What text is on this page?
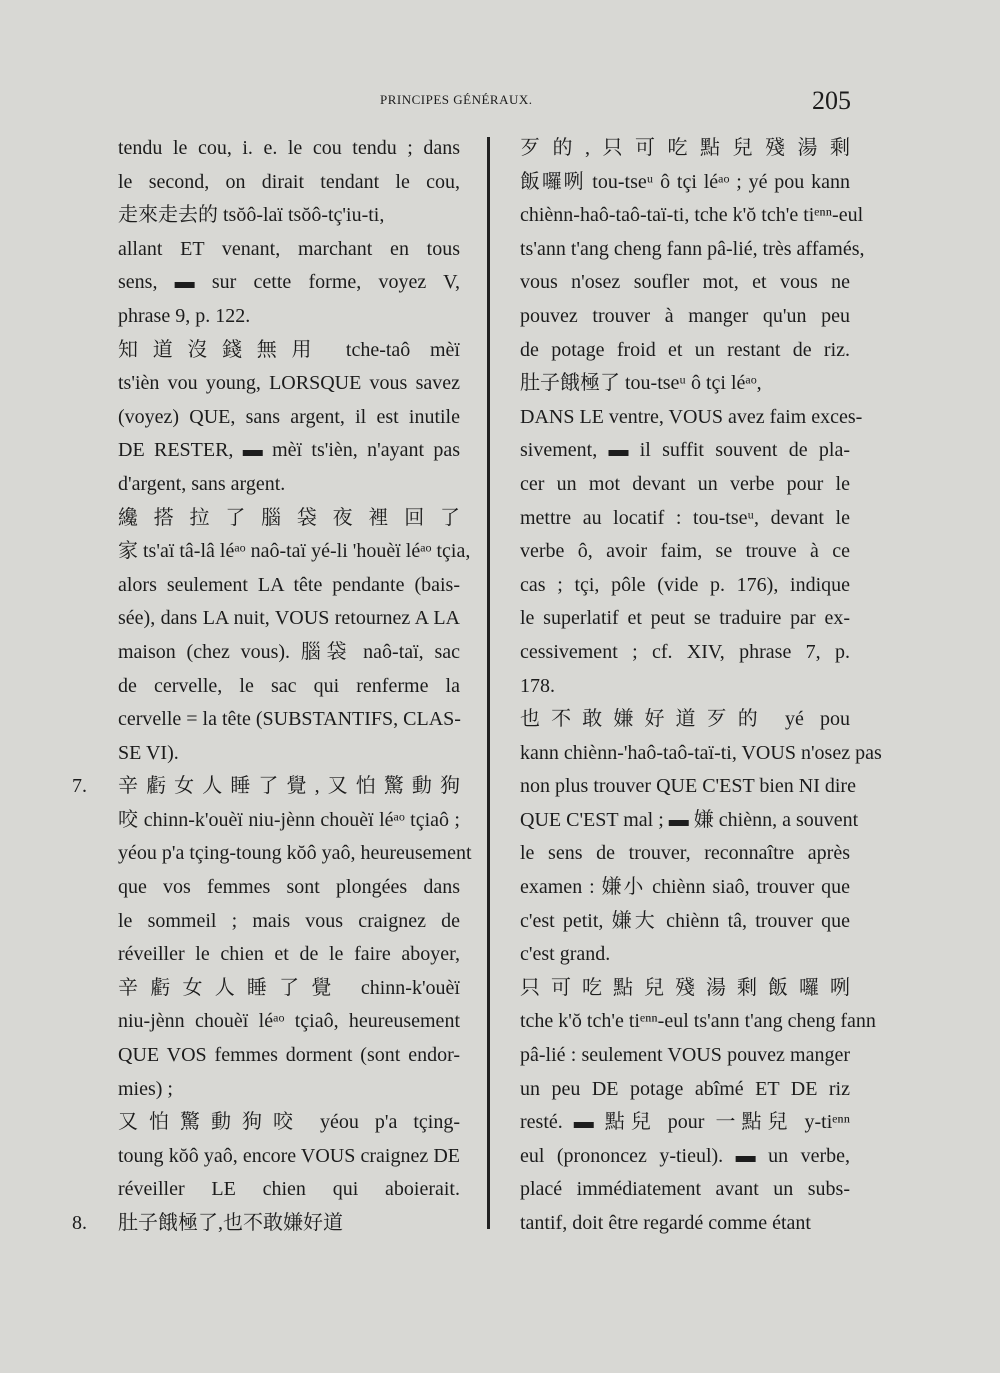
PRINCIPES GÉNÉRAUX.	205
tendu le cou, i. e. le cou tendu ; dans
le second, on dirait tendant le cou,
走來走去的 tsŏô-laï tsŏô-tç'iu-ti,
allant ET venant, marchant en tous
sens, ▬ sur cette forme, voyez V,
phrase 9, p. 122.
知道沒錢無用 tche-taô mèï
ts'ièn vou young, LORSQUE vous savez
(voyez) QUE, sans argent, il est inutile
DE RESTER, ▬ mèï ts'ièn, n'ayant pas
d'argent, sans argent.
纔搭拉了腦袋夜裡回了
家 ts'aï tâ-lâ léᵃᵒ naô-taï yé-li 'houèï léᵃᵒ tçia,
alors seulement LA tête pendante (bais-
sée), dans LA nuit, VOUS retournez A LA
maison (chez vous). 腦袋 naô-taï, sac
de cervelle, le sac qui renferme la
cervelle = la tête (SUBSTANTIFS, CLAS-
SE VI).
7. 辛虧女人睡了覺,又怕驚動狗
咬 chinn-k'ouèï niu-jènn chouèï léᵃᵒ tçiaô ;
yéou p'a tçing-toung kŏô yaô, heureusement
que vos femmes sont plongées dans
le sommeil ; mais vous craignez de
réveiller le chien et de le faire aboyer,
辛虧女人睡了覺 chinn-k'ouèï
niu-jènn chouèï léᵃᵒ tçiaô, heureusement
QUE VOS femmes dorment (sont endor-
mies) ;
又怕驚動狗咬 yéou p'a tçing-
toung kŏô yaô, encore VOUS craignez DE
réveiller LE chien qui aboierait.
8. 肚子餓極了,也不敢嫌好道
歹的,只可吃點兒殘湯剩
飯囉咧 tou-tseᵘ ô tçi léᵃᵒ ; yé pou kann
chiènn-haô-taô-taï-ti, tche k'ŏ tch'e tiᵉⁿⁿ-eul
ts'ann t'ang cheng fann pâ-lié, très affamés,
vous n'osez soufler mot, et vous ne
pouvez trouver à manger qu'un peu
de potage froid et un restant de riz.
肚子餓極了 tou-tseᵘ ô tçi léᵃᵒ,
DANS LE ventre, VOUS avez faim exces-
sivement, ▬ il suffit souvent de pla-
cer un mot devant un verbe pour le
mettre au locatif : tou-tseᵘ, devant le
verbe ô, avoir faim, se trouve à ce
cas ; tçi, pôle (vide p. 176), indique
le superlatif et peut se traduire par ex-
cessivement ; cf. XIV, phrase 7, p.
178.
也不敢嫌好道歹的 yé pou
kann chiènn-'haô-taô-taï-ti, VOUS n'osez pas
non plus trouver QUE C'EST bien NI dire
QUE C'EST mal ; ▬ 嫌 chiènn, a souvent
le sens de trouver, reconnaître après
examen : 嫌小 chiènn siaô, trouver que
c'est petit, 嫌大 chiènn tâ, trouver que
c'est grand.
只可吃點兒殘湯剩飯囉咧
tche k'ŏ tch'e tiᵉⁿⁿ-eul ts'ann t'ang cheng fann
pâ-lié : seulement VOUS pouvez manger
un peu DE potage abîmé ET DE riz
resté. ▬ 點兒 pour 一點兒 y-tiᵉⁿⁿ
eul (prononcez y-tieul). ▬ un verbe,
placé immédiatement avant un subs-
tantif, doit être regardé comme étant
